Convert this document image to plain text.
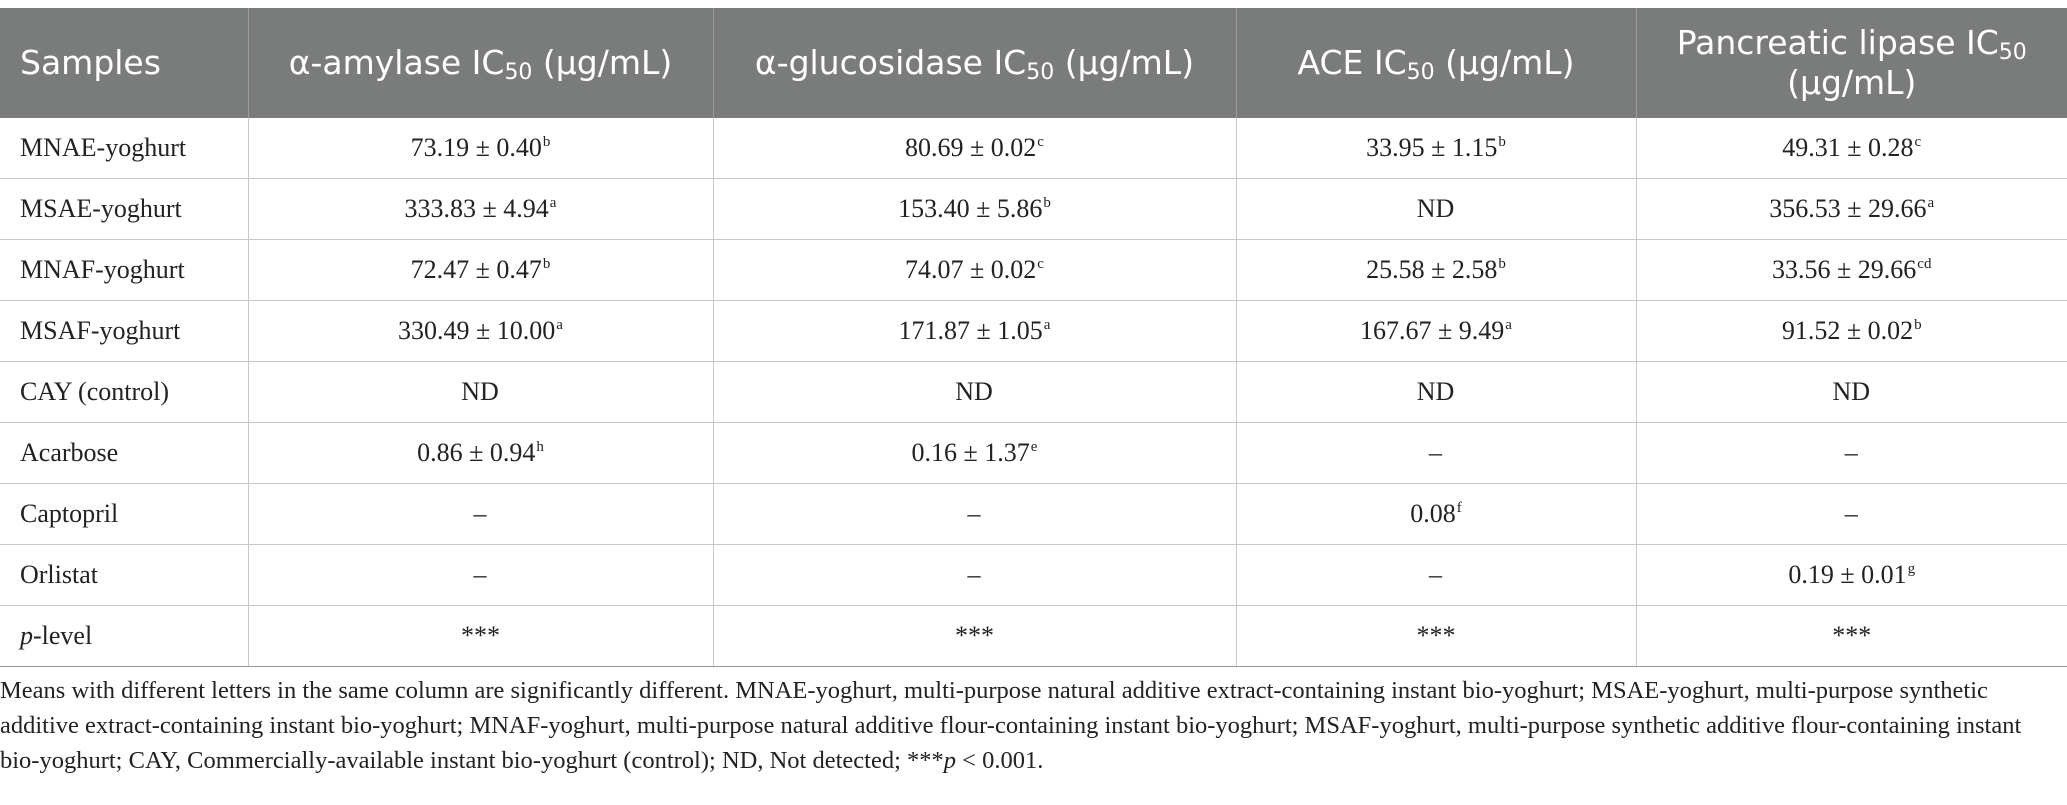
Samples	α-amylase $IC_{50}$ (μg/mL)	α-glucosidase $IC_{50}$ (μg/mL)	ACE $IC_{50}$ (μg/mL)	Pancreatic lipase $IC_{50}$
(μg/mL)
MNAE-yoghurt	73.19 ± 0.40$^b$	80.69 ± 0.02$^c$	33.95 ± 1.15$^b$	49.31 ± 0.28$^c$
MSAE-yoghurt	333.83 ± 4.94$^a$	153.40 ± 5.86$^b$	ND	356.53 ± 29.66$^a$
MNAF-yoghurt	72.47 ± 0.47$^b$	74.07 ± 0.02$^c$	25.58 ± 2.58$^b$	33.56 ± 29.66$^{cd}$
MSAF-yoghurt	330.49 ± 10.00$^a$	171.87 ± 1.05$^a$	167.67 ± 9.49$^a$	91.52 ± 0.02$^b$
CAY (control)	ND	ND	ND	ND
Acarbose	0.86 ± 0.94$^h$	0.16 ± 1.37$^e$	–	–
Captopril	–	–	0.08$^f$	–
Orlistat	–	–	–	0.19 ± 0.01$^g$
p-level	***	***	***	***
Means with different letters in the same column are significantly different. MNAE-yoghurt, multi-purpose natural additive extract-containing instant bio-yoghurt; MSAE-yoghurt, multi-purpose synthetic additive extract-containing instant bio-yoghurt; MNAF-yoghurt, multi-purpose natural additive flour-containing instant bio-yoghurt; MSAF-yoghurt, multi-purpose synthetic additive flour-containing instant bio-yoghurt; CAY, Commercially-available instant bio-yoghurt (control); ND, Not detected; ***p < 0.001.
